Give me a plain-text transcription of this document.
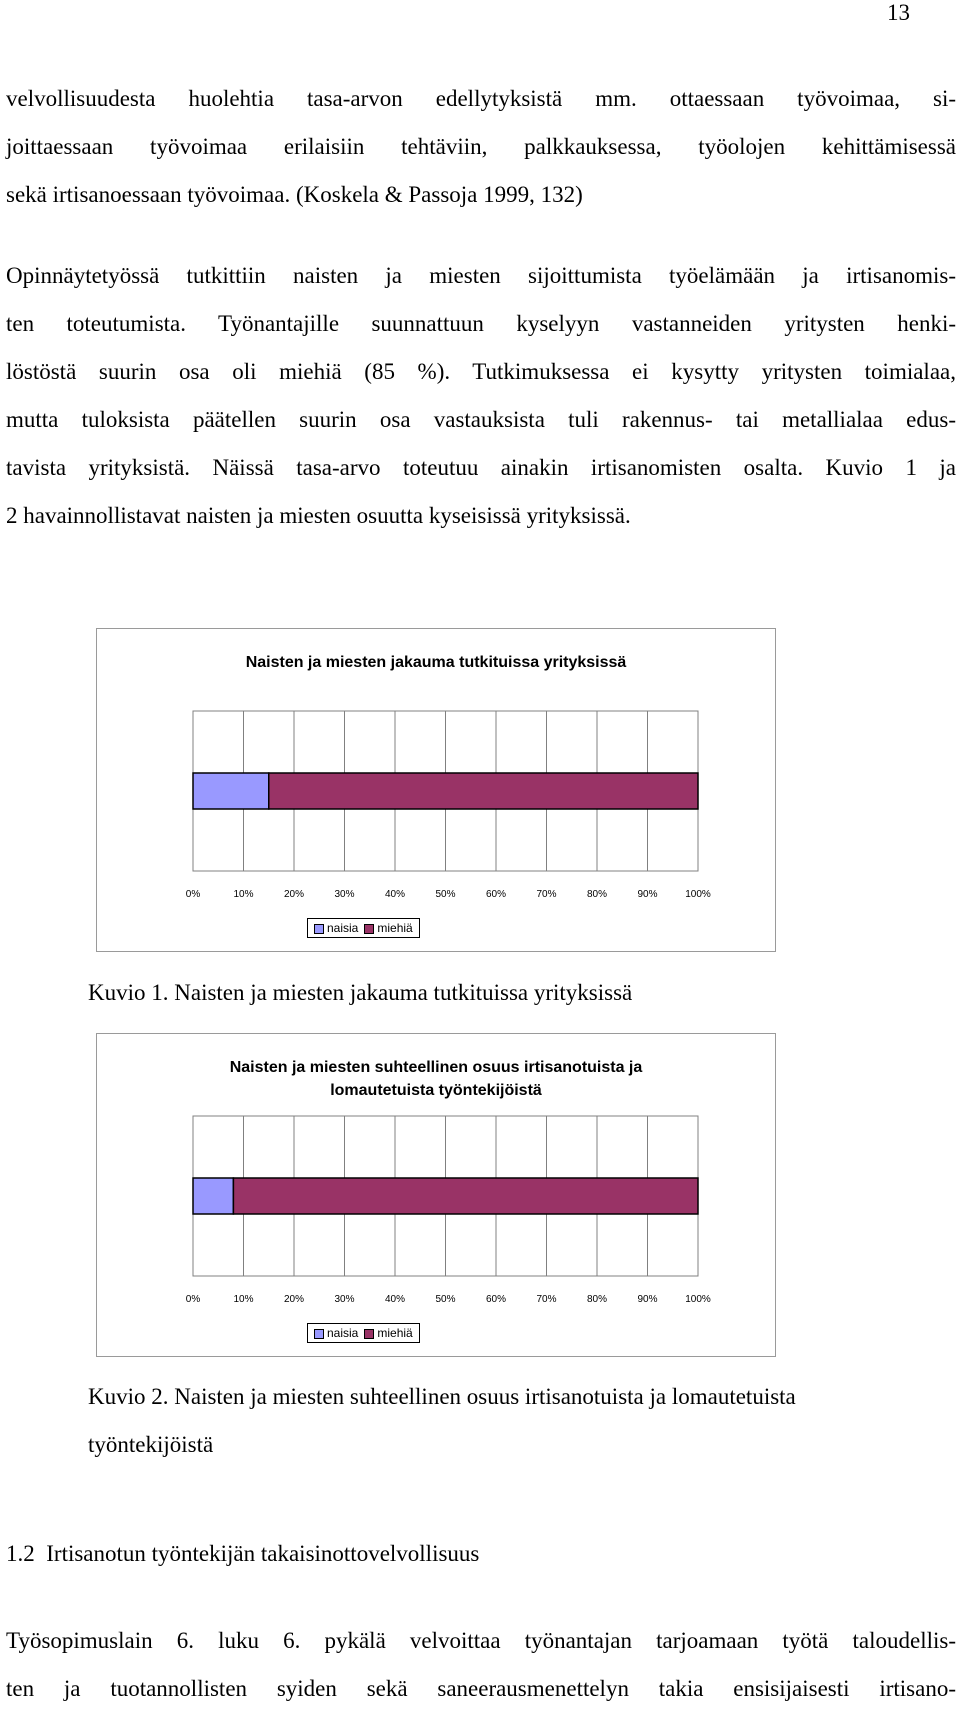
13
velvollisuudesta huolehtia tasa-arvon edellytyksistä mm. ottaessaan työvoimaa, si-
joittaessaan työvoimaa erilaisiin tehtäviin, palkkauksessa, työolojen kehittämisessä
sekä irtisanoessaan työvoimaa. (Koskela & Passoja 1999, 132)
Opinnäytetyössä tutkittiin naisten ja miesten sijoittumista työelämään ja irtisanomis-
ten toteutumista. Työnantajille suunnattuun kyselyyn vastanneiden yritysten henki-
löstöstä suurin osa oli miehiä (85 %). Tutkimuksessa ei kysytty yritysten toimialaa,
mutta tuloksista päätellen suurin osa vastauksista tuli rakennus- tai metallialaa edus-
tavista yrityksistä. Näissä tasa-arvo toteutuu ainakin irtisanomisten osalta. Kuvio 1 ja
2 havainnollistavat naisten ja miesten osuutta kyseisissä yrityksissä.
Naisten ja miesten jakauma tutkituissa yrityksissä
0%	10%	20%	30%	40%	50%	60%	70%	80%	90%	100%
naisia	miehiä
Kuvio 1. Naisten ja miesten jakauma tutkituissa yrityksissä
Naisten ja miesten suhteellinen osuus irtisanotuista ja
lomautetuista työntekijöistä
0%	10%	20%	30%	40%	50%	60%	70%	80%	90%	100%
naisia	miehiä
Kuvio 2. Naisten ja miesten suhteellinen osuus irtisanotuista ja lomautetuista
työntekijöistä
1.2 Irtisanotun työntekijän takaisinottovelvollisuus
Työsopimuslain 6. luku 6. pykälä velvoittaa työnantajan tarjoamaan työtä taloudellis-
ten ja tuotannollisten syiden sekä saneerausmenettelyn takia ensisijaisesti irtisano-
